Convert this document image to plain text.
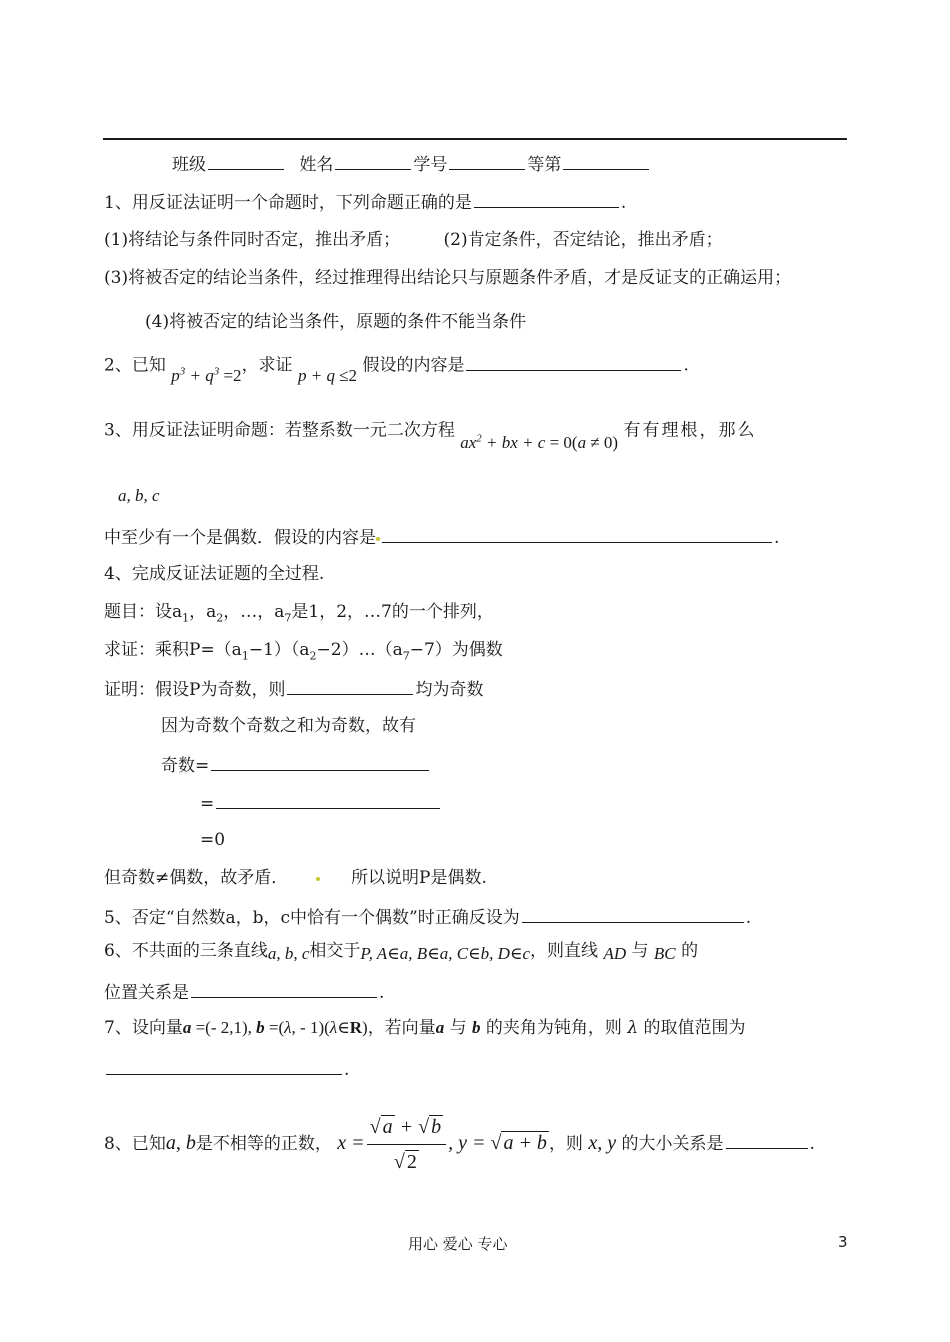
班级	姓名	学号	等第
1、用反证法证明一个命题时，下列命题正确的是	.
(1)将结论与条件同时否定，推出矛盾；	(2)肯定条件，否定结论，推出矛盾；
(3)将被否定的结论当条件，经过推理得出结论只与原题条件矛盾，才是反证支的正确运用；
(4)将被否定的结论当条件，原题的条件不能当条件
2、已知 $p^3 + q^3 =2$，求证 p + q ≤2 假设的内容是	.
3、用反证法证明命题：若整系数一元二次方程 $ax^2$ + bx + c = 0(a ≠ 0) 有有理根，那么
a, b, c
中至少有一个是偶数．假设的内容是	.
4、完成反证法证题的全过程.
题目：设$a_1$，$a_2$，…，$a_7$是1，2，…7的一个排列，
求证：乘积$P=(a_1-1)(a_2-2)\dots(a_7-7)$为偶数
证明：假设P为奇数，则	均为奇数
因为奇数个奇数之和为奇数，故有
奇数=
=
=0
但奇数≠偶数，故矛盾．	所以说明P是偶数.
5、否定“自然数a，b，c中恰有一个偶数”时正确反设为	.
6、不共面的三条直线a, b, c相交于P, A∈a, B∈a, C∈b, D∈c，则直线 AD 与 BC 的
位置关系是	.
7、设向量a =(- 2,1), b =(λ, - 1)(λ∈R)，若向量a 与 b 的夹角为钝角，则 λ 的取值范围为
.
8、已知a, b是不相等的正数， $x = \frac{√ a + √ b}{√ 2}$ , y = √ a + b ，则 x, y 的大小关系是	.
用心 爱心 专心	3
